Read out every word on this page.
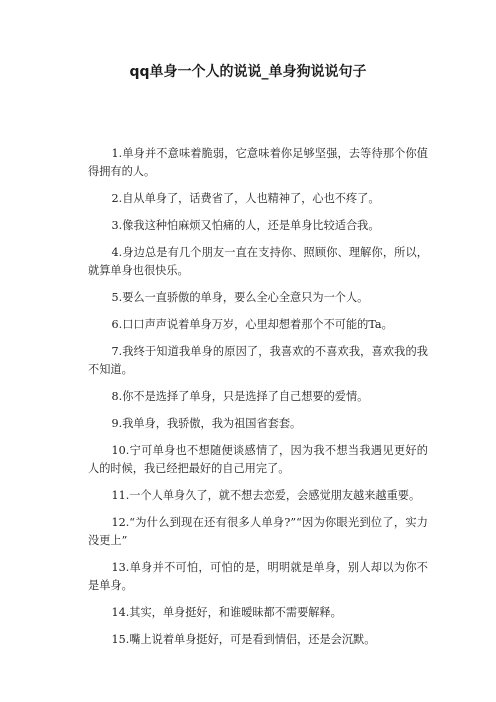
qq单身一个人的说说_单身狗说说句子

1.单身并不意味着脆弱，它意味着你足够坚强，去等待那个你值得拥有的人。

2.自从单身了，话费省了，人也精神了，心也不疼了。

3.像我这种怕麻烦又怕痛的人，还是单身比较适合我。

4.身边总是有几个朋友一直在支持你、照顾你、理解你，所以，就算单身也很快乐。

5.要么一直骄傲的单身，要么全心全意只为一个人。

6.口口声声说着单身万岁，心里却想着那个不可能的Ta。

7.我终于知道我单身的原因了，我喜欢的不喜欢我，喜欢我的我不知道。

8.你不是选择了单身，只是选择了自己想要的爱情。

9.我单身，我骄傲，我为祖国省套套。

10.宁可单身也不想随便谈感情了，因为我不想当我遇见更好的人的时候，我已经把最好的自己用完了。

11.一个人单身久了，就不想去恋爱，会感觉朋友越来越重要。

12.“为什么到现在还有很多人单身?”“因为你眼光到位了，实力没更上”

13.单身并不可怕，可怕的是，明明就是单身，别人却以为你不是单身。

14.其实，单身挺好，和谁暧昧都不需要解释。

15.嘴上说着单身挺好，可是看到情侣，还是会沉默。
